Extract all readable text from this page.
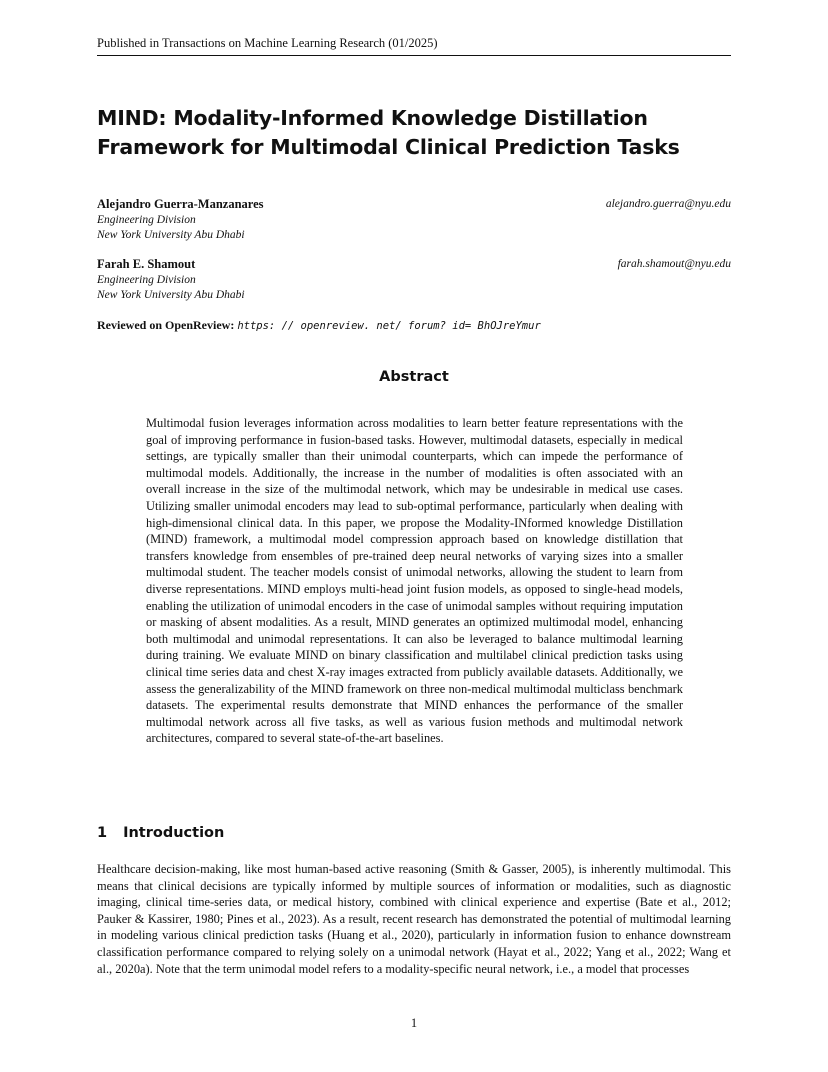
Published in Transactions on Machine Learning Research (01/2025)
MIND: Modality-Informed Knowledge Distillation Framework for Multimodal Clinical Prediction Tasks
Alejandro Guerra-Manzanares
Engineering Division
New York University Abu Dhabi
alejandro.guerra@nyu.edu
Farah E. Shamout
Engineering Division
New York University Abu Dhabi
farah.shamout@nyu.edu
Reviewed on OpenReview: https: // openreview. net/ forum? id= BhOJreYmur
Abstract
Multimodal fusion leverages information across modalities to learn better feature representations with the goal of improving performance in fusion-based tasks. However, multimodal datasets, especially in medical settings, are typically smaller than their unimodal counterparts, which can impede the performance of multimodal models. Additionally, the increase in the number of modalities is often associated with an overall increase in the size of the multimodal network, which may be undesirable in medical use cases. Utilizing smaller unimodal encoders may lead to sub-optimal performance, particularly when dealing with high-dimensional clinical data. In this paper, we propose the Modality-INformed knowledge Distillation (MIND) framework, a multimodal model compression approach based on knowledge distillation that transfers knowledge from ensembles of pre-trained deep neural networks of varying sizes into a smaller multimodal student. The teacher models consist of unimodal networks, allowing the student to learn from diverse representations. MIND employs multi-head joint fusion models, as opposed to single-head models, enabling the utilization of unimodal encoders in the case of unimodal samples without requiring imputation or masking of absent modalities. As a result, MIND generates an optimized multimodal model, enhancing both multimodal and unimodal representations. It can also be leveraged to balance multimodal learning during training. We evaluate MIND on binary classification and multilabel clinical prediction tasks using clinical time series data and chest X-ray images extracted from publicly available datasets. Additionally, we assess the generalizability of the MIND framework on three non-medical multimodal multiclass benchmark datasets. The experimental results demonstrate that MIND enhances the performance of the smaller multimodal network across all five tasks, as well as various fusion methods and multimodal network architectures, compared to several state-of-the-art baselines.
1 Introduction
Healthcare decision-making, like most human-based active reasoning (Smith & Gasser, 2005), is inherently multimodal. This means that clinical decisions are typically informed by multiple sources of information or modalities, such as diagnostic imaging, clinical time-series data, or medical history, combined with clinical experience and expertise (Bate et al., 2012; Pauker & Kassirer, 1980; Pines et al., 2023). As a result, recent research has demonstrated the potential of multimodal learning in modeling various clinical prediction tasks (Huang et al., 2020), particularly in information fusion to enhance downstream classification performance compared to relying solely on a unimodal network (Hayat et al., 2022; Yang et al., 2022; Wang et al., 2020a). Note that the term unimodal model refers to a modality-specific neural network, i.e., a model that processes
1
